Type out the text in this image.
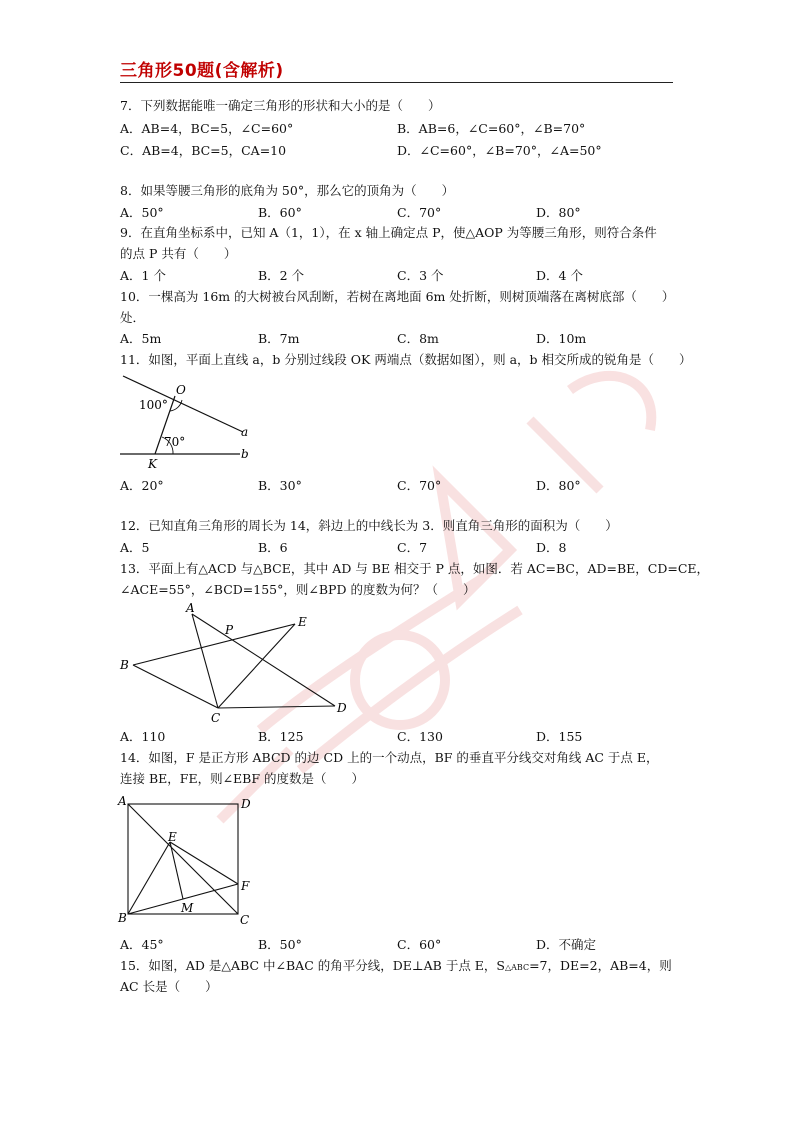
三角形50题(含解析)
7．下列数据能唯一确定三角形的形状和大小的是（　　）
A．AB=4，BC=5，∠C=60°	B．AB=6，∠C=60°，∠B=70°
C．AB=4，BC=5，CA=10	D．∠C=60°，∠B=70°，∠A=50°
8．如果等腰三角形的底角为 50°，那么它的顶角为（　　）
A．50°	B．60°	C．70°	D．80°
9．在直角坐标系中，已知 A（1，1），在 x 轴上确定点 P，使△AOP 为等腰三角形，则符合条件
的点 P 共有（　　）
A．1 个	B．2 个	C．3 个	D．4 个
10．一棵高为 16m 的大树被台风刮断，若树在离地面 6m 处折断，则树顶端落在离树底部（　　）
处．
A．5m	B．7m	C．8m	D．10m
11．如图，平面上直线 a，b 分别过线段 OK 两端点（数据如图），则 a，b 相交所成的锐角是（　　）
O
K
a
b
100°
70°
A．20°	B．30°	C．70°	D．80°
12．已知直角三角形的周长为 14，斜边上的中线长为 3．则直角三角形的面积为（　　）
A．5	B．6	C．7	D．8
13．平面上有△ACD 与△BCE，其中 AD 与 BE 相交于 P 点，如图．若 AC=BC，AD=BE，CD=CE，
∠ACE=55°，∠BCD=155°，则∠BPD 的度数为何？（　　）
A
B
C
D
E
P
A．110	B．125	C．130	D．155
14．如图，F 是正方形 ABCD 的边 CD 上的一个动点，BF 的垂直平分线交对角线 AC 于点 E，
连接 BE，FE，则∠EBF 的度数是（　　）
A	D
B	C
E
F
M
A．45°	B．50°	C．60°	D．不确定
15．如图，AD 是△ABC 中∠BAC 的角平分线，DE⊥AB 于点 E，S△ABC=7，DE=2，AB=4，则
AC 长是（　　）
